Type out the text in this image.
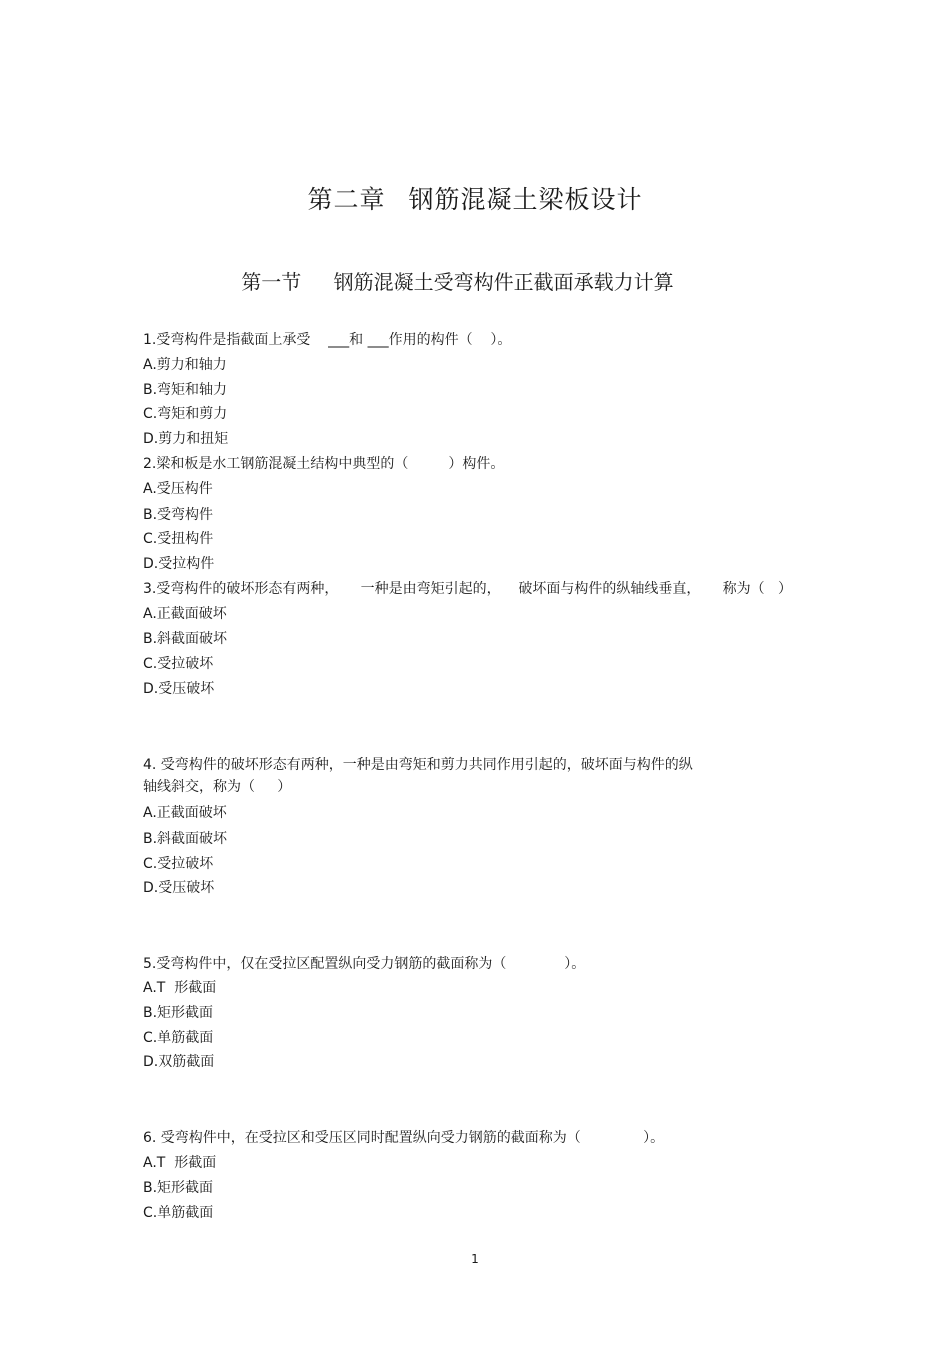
第二章 钢筋混凝土梁板设计
第一节 钢筋混凝土受弯构件正截面承载力计算
1.受弯构件是指截面上承受    ___和 ___作用的构件（    ）。
A.剪力和轴力
B.弯矩和轴力
C.弯矩和剪力
D.剪力和扭矩
2.梁和板是水工钢筋混凝土结构中典型的（         ）构件。
A.受压构件
B.受弯构件
C.受扭构件
D.受拉构件
3.受弯构件的破坏形态有两种，     一种是由弯矩引起的，    破坏面与构件的纵轴线垂直，     称为（   ）
A.正截面破坏
B.斜截面破坏
C.受拉破坏
D.受压破坏
4. 受弯构件的破坏形态有两种，一种是由弯矩和剪力共同作用引起的，破坏面与构件的纵
轴线斜交，称为（     ）
A.正截面破坏
B.斜截面破坏
C.受拉破坏
D.受压破坏
5.受弯构件中，仅在受拉区配置纵向受力钢筋的截面称为（             ）。
A.T  形截面
B.矩形截面
C.单筋截面
D.双筋截面
6. 受弯构件中，在受拉区和受压区同时配置纵向受力钢筋的截面称为（              ）。
A.T  形截面
B.矩形截面
C.单筋截面
1
